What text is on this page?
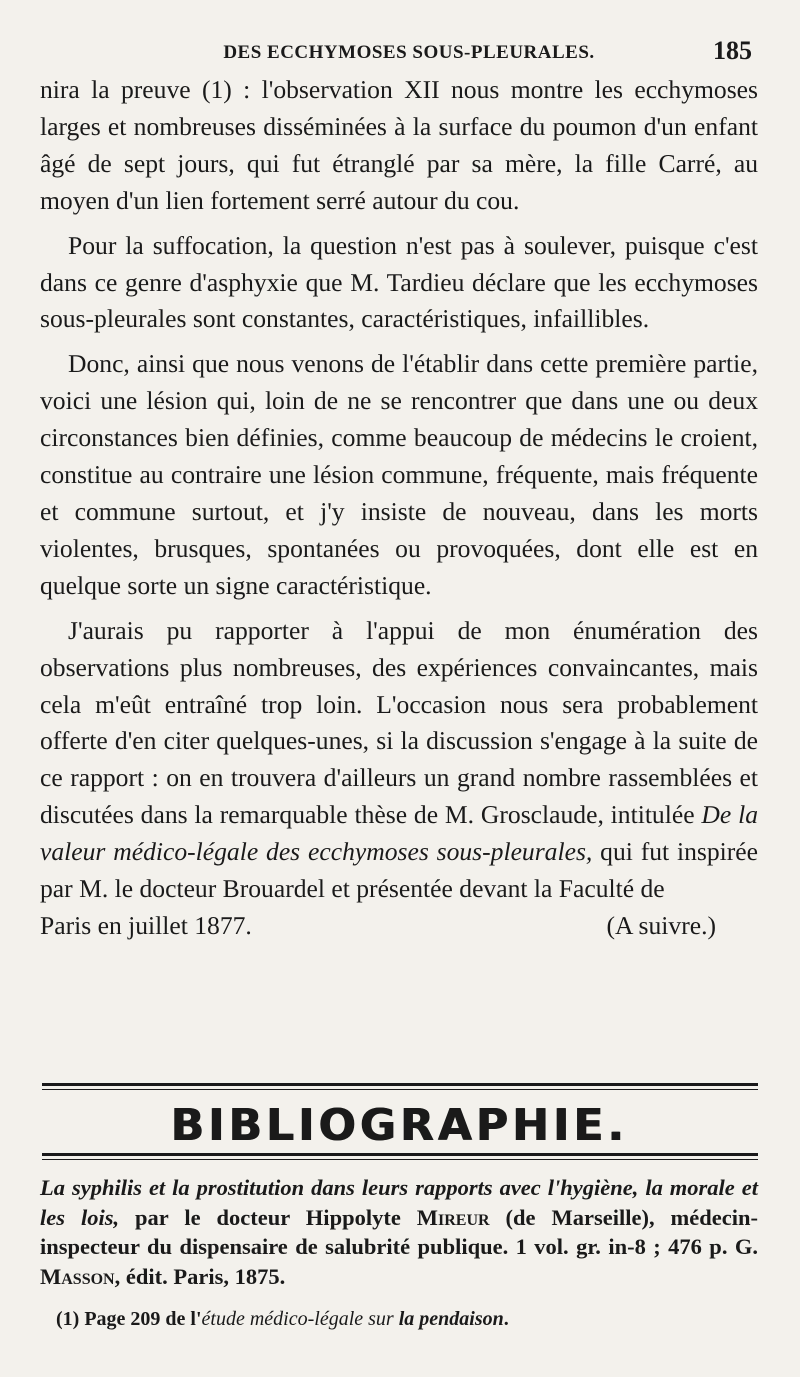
DES ECCHYMOSES SOUS-PLEURALES.	185

nira la preuve (1) : l'observation XII nous montre les ecchymoses larges et nombreuses disséminées à la surface du poumon d'un enfant âgé de sept jours, qui fut étranglé par sa mère, la fille Carré, au moyen d'un lien fortement serré autour du cou.

Pour la suffocation, la question n'est pas à soulever, puisque c'est dans ce genre d'asphyxie que M. Tardieu déclare que les ecchymoses sous-pleurales sont constantes, caractéristiques, infaillibles.

Donc, ainsi que nous venons de l'établir dans cette première partie, voici une lésion qui, loin de ne se rencontrer que dans une ou deux circonstances bien définies, comme beaucoup de médecins le croient, constitue au contraire une lésion commune, fréquente, mais fréquente et commune surtout, et j'y insiste de nouveau, dans les morts violentes, brusques, spontanées ou provoquées, dont elle est en quelque sorte un signe caractéristique.

J'aurais pu rapporter à l'appui de mon énumération des observations plus nombreuses, des expériences convaincantes, mais cela m'eût entraîné trop loin. L'occasion nous sera probablement offerte d'en citer quelques-unes, si la discussion s'engage à la suite de ce rapport : on en trouvera d'ailleurs un grand nombre rassemblées et discutées dans la remarquable thèse de M. Grosclaude, intitulée De la valeur médico-légale des ecchymoses sous-pleurales, qui fut inspirée par M. le docteur Brouardel et présentée devant la Faculté de

Paris en juillet 1877.	(A suivre.)
BIBLIOGRAPHIE.
La syphilis et la prostitution dans leurs rapports avec l'hygiène, la morale et les lois, par le docteur Hippolyte Mireur (de Marseille), médecin-inspecteur du dispensaire de salubrité publique. 1 vol. gr. in-8 ; 476 p. G. Masson, édit. Paris, 1875.
(1) Page 209 de l'étude médico-légale sur la pendaison.
